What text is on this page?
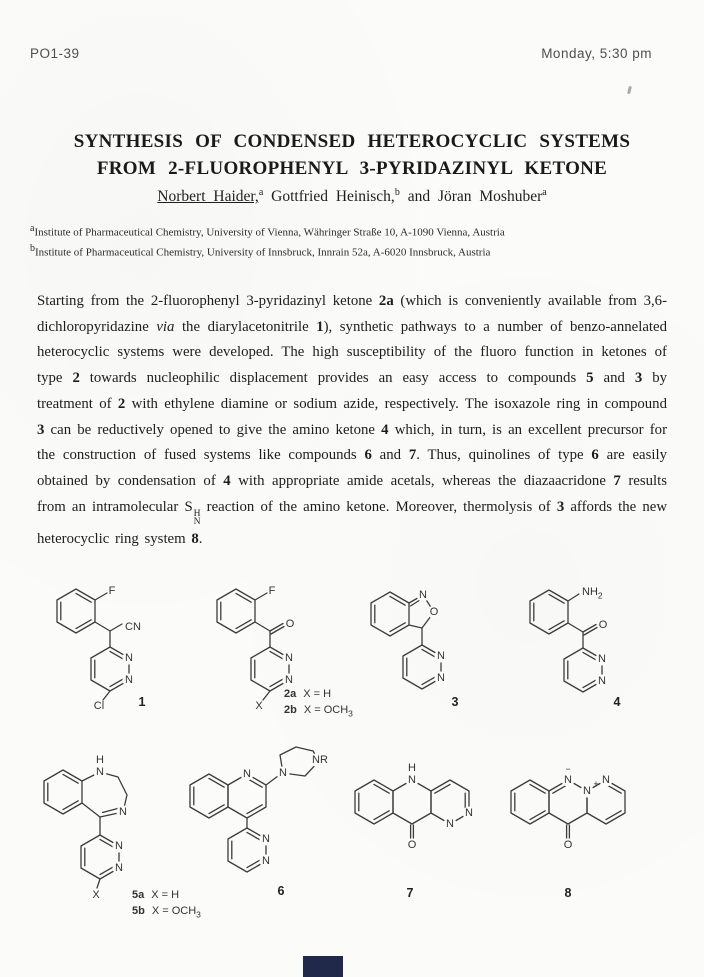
PO1-39	Monday, 5:30 pm
SYNTHESIS OF CONDENSED HETEROCYCLIC SYSTEMS
FROM 2-FLUOROPHENYL 3-PYRIDAZINYL KETONE
Norbert Haider,$^a$ Gottfried Heinisch,$^b$ and Jöran Moshuber$^a$
$^a$Institute of Pharmaceutical Chemistry, University of Vienna, Währinger Straße 10, A-1090 Vienna, Austria
$^b$Institute of Pharmaceutical Chemistry, University of Innsbruck, Innrain 52a, A-6020 Innsbruck, Austria
Starting from the 2-fluorophenyl 3-pyridazinyl ketone 2a (which is conveniently available from 3,6-dichloropyridazine via the diarylacetonitrile 1), synthetic pathways to a number of benzo-annelated heterocyclic systems were developed. The high susceptibility of the fluoro function in ketones of type 2 towards nucleophilic displacement provides an easy access to compounds 5 and 3 by treatment of 2 with ethylene diamine or sodium azide, respectively. The isoxazole ring in compound 3 can be reductively opened to give the amino ketone 4 which, in turn, is an excellent precursor for the construction of fused systems like compounds 6 and 7. Thus, quinolines of type 6 are easily obtained by condensation of 4 with appropriate amide acetals, whereas the diazaacridone 7 results from an intramolecular S H
N
reaction of the amino ketone. Moreover, thermolysis of 3 affords the new heterocyclic ring system 8.
F
CN
N
N
Cl	1
F
O
N
N
X
2a X = H
2b $X = OCH_3$
N
O
N
N
3
$NH_2$
O
N
N
4
H
N
N
N
N
X	5a X = H
5b $X = OCH_3$
N	N
NR
N
N
6
H
N
N
N
O
7
−
N
N
+ N
O
8
